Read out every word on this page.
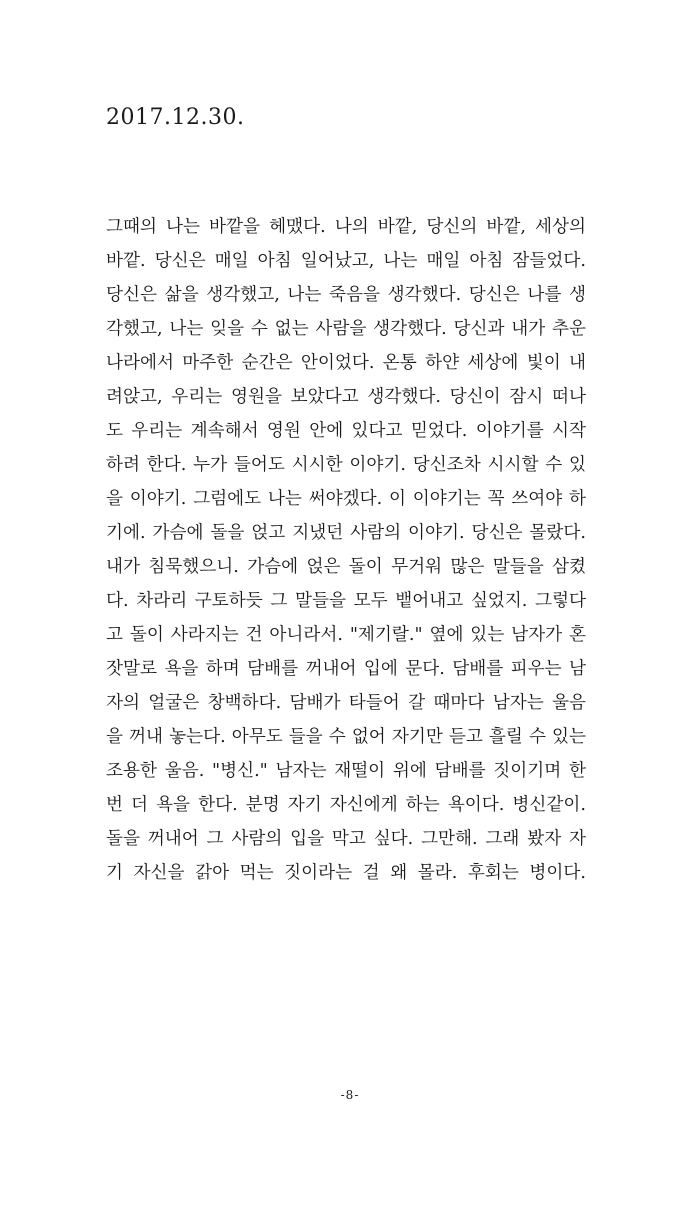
2017.12.30.
그때의 나는 바깥을 헤맸다. 나의 바깥, 당신의 바깥, 세상의
바깥. 당신은 매일 아침 일어났고, 나는 매일 아침 잠들었다.
당신은 삶을 생각했고, 나는 죽음을 생각했다. 당신은 나를 생
각했고, 나는 잊을 수 없는 사람을 생각했다. 당신과 내가 추운
나라에서 마주한 순간은 안이었다. 온통 하얀 세상에 빛이 내
려앉고, 우리는 영원을 보았다고 생각했다. 당신이 잠시 떠나
도 우리는 계속해서 영원 안에 있다고 믿었다. 이야기를 시작
하려 한다. 누가 들어도 시시한 이야기. 당신조차 시시할 수 있
을 이야기. 그럼에도 나는 써야겠다. 이 이야기는 꼭 쓰여야 하
기에. 가슴에 돌을 얹고 지냈던 사람의 이야기. 당신은 몰랐다.
내가 침묵했으니. 가슴에 얹은 돌이 무거워 많은 말들을 삼켰
다. 차라리 구토하듯 그 말들을 모두 뱉어내고 싶었지. 그렇다
고 돌이 사라지는 건 아니라서. "제기랄." 옆에 있는 남자가 혼
잣말로 욕을 하며 담배를 꺼내어 입에 문다. 담배를 피우는 남
자의 얼굴은 창백하다. 담배가 타들어 갈 때마다 남자는 울음
을 꺼내 놓는다. 아무도 들을 수 없어 자기만 듣고 흘릴 수 있는
조용한 울음. "병신." 남자는 재떨이 위에 담배를 짓이기며 한
번 더 욕을 한다. 분명 자기 자신에게 하는 욕이다. 병신같이.
돌을 꺼내어 그 사람의 입을 막고 싶다. 그만해. 그래 봤자 자
기 자신을 갉아 먹는 짓이라는 걸 왜 몰라. 후회는 병이다.
-8-
